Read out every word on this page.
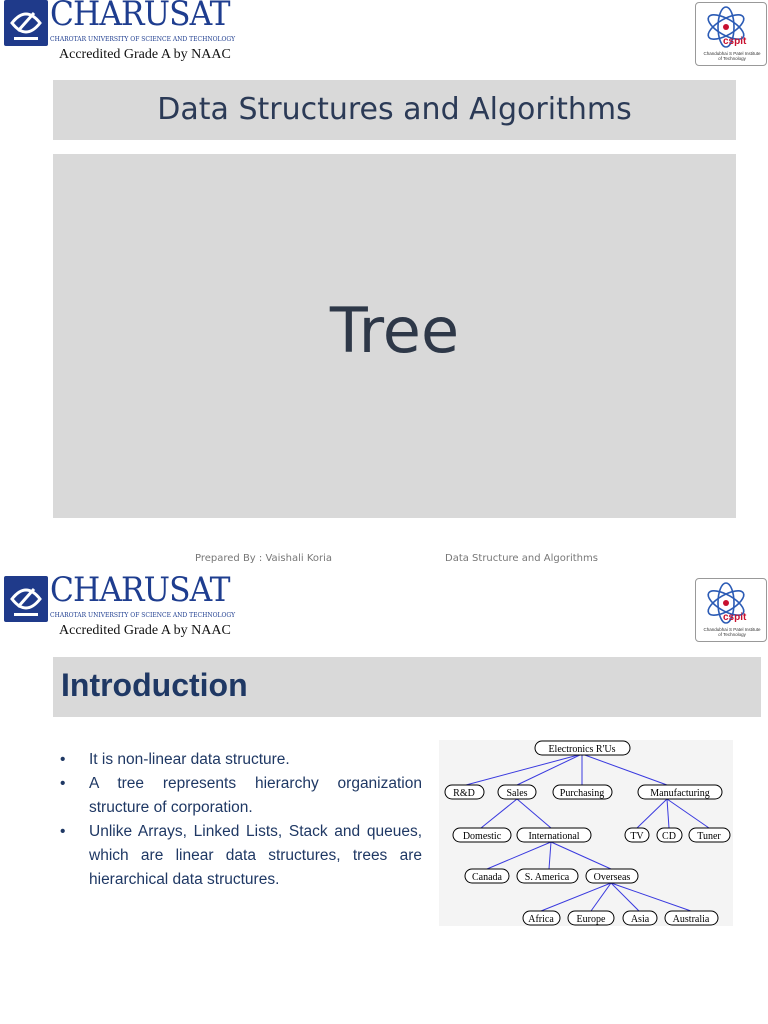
CHARUSAT
CHAROTAR UNIVERSITY OF SCIENCE AND TECHNOLOGY
Accredited Grade A by NAAC
cspit
Chandubhai S Patel Institute of Technology
Data Structures and Algorithms
Tree
Prepared By : Vaishali Koria	Data Structure and Algorithms
CHARUSAT
CHAROTAR UNIVERSITY OF SCIENCE AND TECHNOLOGY
Accredited Grade A by NAAC
cspit
Chandubhai S Patel Institute of Technology
Introduction
• It is non-linear data structure.
• A tree represents hierarchy organization structure of corporation.
• Unlike Arrays, Linked Lists, Stack and queues, which are linear data structures, trees are hierarchical data structures.
Electronics R'Us
R&D	Sales	Purchasing	Manufacturing
Domestic	International	TV CD Tuner
Canada S. America Overseas
Africa Europe	Asia Australia
